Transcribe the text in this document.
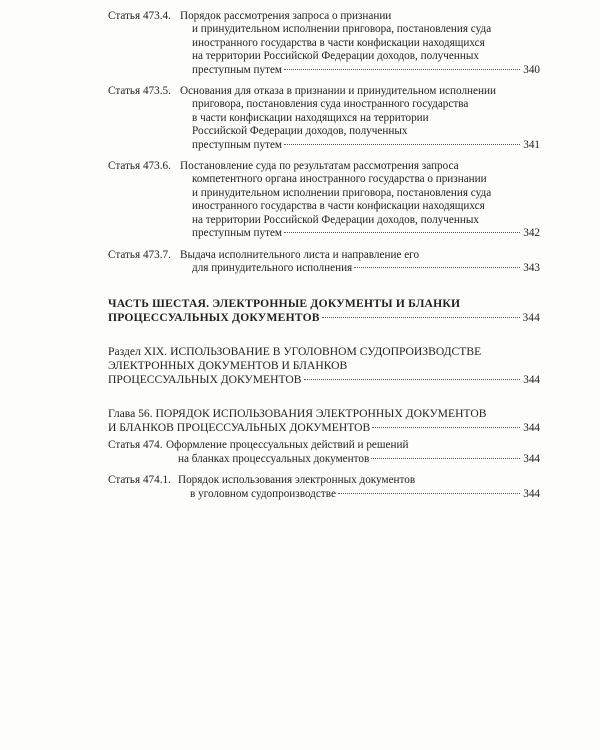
Статья 473.4. Порядок рассмотрения запроса о признании
и принудительном исполнении приговора, постановления суда
иностранного государства в части конфискации находящихся
на территории Российской Федерации доходов, полученных
преступным путем	340
Статья 473.5. Основания для отказа в признании и принудительном исполнении
приговора, постановления суда иностранного государства
в части конфискации находящихся на территории
Российской Федерации доходов, полученных
преступным путем	341
Статья 473.6. Постановление суда по результатам рассмотрения запроса
компетентного органа иностранного государства о признании
и принудительном исполнении приговора, постановления суда
иностранного государства в части конфискации находящихся
на территории Российской Федерации доходов, полученных
преступным путем	342
Статья 473.7. Выдача исполнительного листа и направление его
для принудительного исполнения	343
ЧАСТЬ ШЕСТАЯ. ЭЛЕКТРОННЫЕ ДОКУМЕНТЫ И БЛАНКИ
ПРОЦЕССУАЛЬНЫХ ДОКУМЕНТОВ	344
Раздел XIX. ИСПОЛЬЗОВАНИЕ В УГОЛОВНОМ СУДОПРОИЗВОДСТВЕ
ЭЛЕКТРОННЫХ ДОКУМЕНТОВ И БЛАНКОВ
ПРОЦЕССУАЛЬНЫХ ДОКУМЕНТОВ	344
Глава 56. ПОРЯДОК ИСПОЛЬЗОВАНИЯ ЭЛЕКТРОННЫХ ДОКУМЕНТОВ
И БЛАНКОВ ПРОЦЕССУАЛЬНЫХ ДОКУМЕНТОВ	344
Статья 474. Оформление процессуальных действий и решений
на бланках процессуальных документов	344
Статья 474.1. Порядок использования электронных документов
в уголовном судопроизводстве	344
